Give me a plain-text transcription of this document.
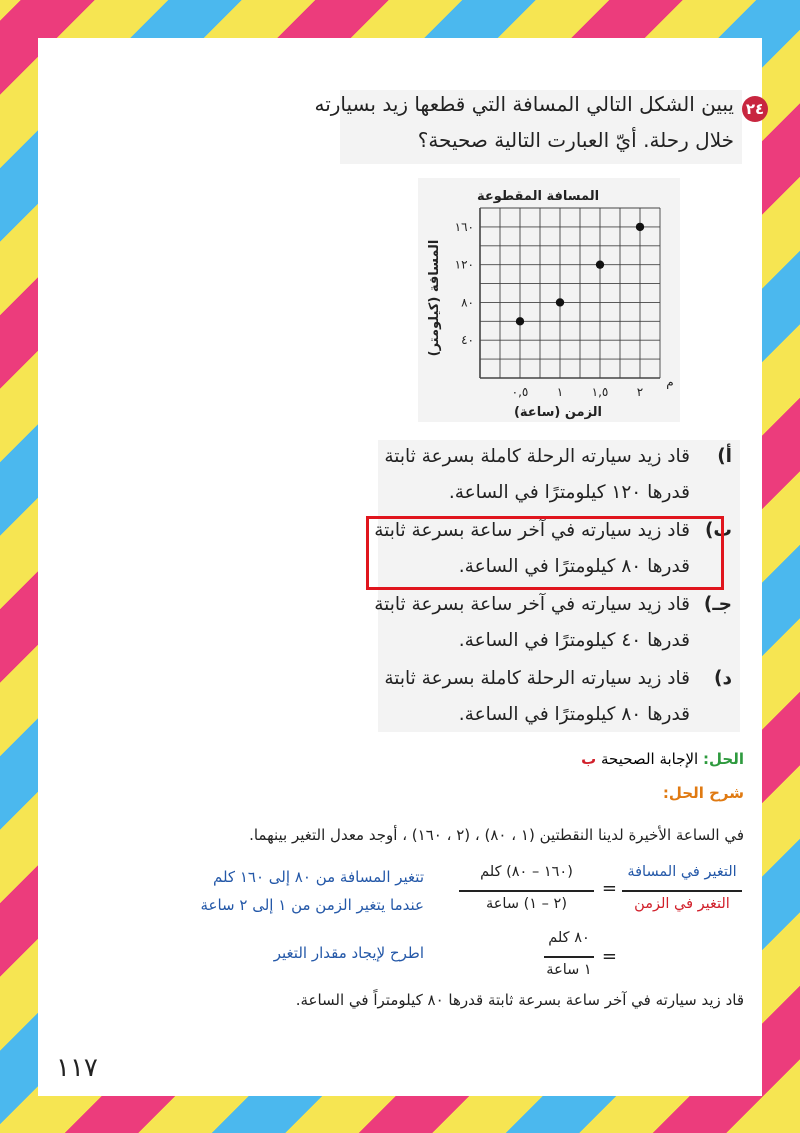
٢٤
يبين الشكل التالي المسافة التي قطعها زيد بسيارته
خلال رحلة. أيّ العبارت التالية صحيحة؟
المسافة المقطوعة
٠,٥ ١ ١,٥ ٢
٤٠
٨٠
١٢٠
١٦٠
م
الزمن (ساعة)
المسافة (كيلومتر)
أ)
قاد زيد سيارته الرحلة كاملة بسرعة ثابتة
قدرها ١٢٠ كيلومترًا في الساعة.
ب)
قاد زيد سيارته في آخر ساعة بسرعة ثابتة
قدرها ٨٠ كيلومترًا في الساعة.
جـ)
قاد زيد سيارته في آخر ساعة بسرعة ثابتة
قدرها ٤٠ كيلومترًا في الساعة.
د)
قاد زيد سيارته الرحلة كاملة بسرعة ثابتة
قدرها ٨٠ كيلومترًا في الساعة.
الحل: الإجابة الصحيحة ب
شرح الحل:
في الساعة الأخيرة لدينا النقطتين (١ ، ٨٠) ، (٢ ، ١٦٠) ، أوجد معدل التغير بينهما.
التغير في المسافة
التغير في الزمن
=
(١٦٠ – ٨٠) كلم
(٢ – ١) ساعة
تتغير المسافة من ٨٠ إلى ١٦٠ كلم
عندما يتغير الزمن من ١ إلى ٢ ساعة
=
٨٠ كلم
١ ساعة
اطرح لإيجاد مقدار التغير
قاد زيد سيارته في آخر ساعة بسرعة ثابتة قدرها ٨٠ كيلومتراً في الساعة.
١١٧
